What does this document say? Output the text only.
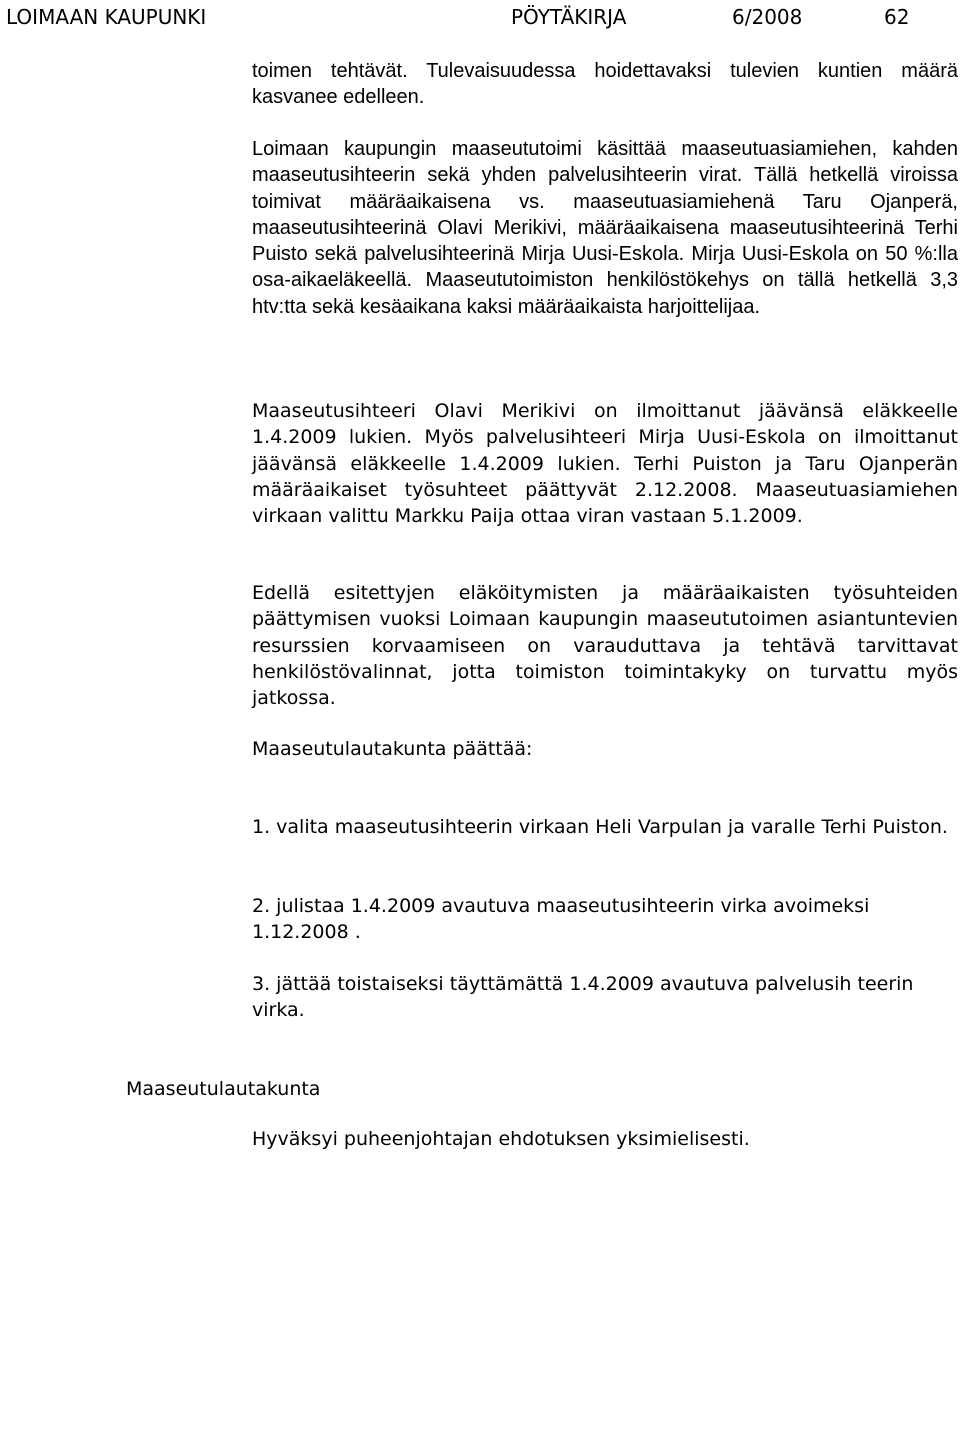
LOIMAAN KAUPUNKI	PÖYTÄKIRJA	6/2008	62

toimen tehtävät. Tulevaisuudessa hoidettavaksi tulevien kuntien määrä kasvanee edelleen.

Loimaan kaupungin maaseututoimi käsittää maaseutuasiamiehen, kahden maaseutusihteerin sekä yhden palvelusihteerin virat. Tällä hetkellä viroissa toimivat määräaikaisena vs. maaseutuasiamiehenä Taru Ojanperä, maaseutusihteerinä Olavi Merikivi, määräaikaisena maaseutusihteerinä Terhi Puisto sekä palvelusihteerinä Mirja Uusi-Eskola. Mirja Uusi-Eskola on 50 %:lla osa-aikaeläkeellä. Maaseututoimiston henkilöstökehys on tällä hetkellä 3,3 htv:tta sekä kesäaikana kaksi määräaikaista harjoittelijaa.

Maaseutusihteeri Olavi Merikivi on ilmoittanut jäävänsä eläkkeelle 1.4.2009 lukien. Myös palvelusihteeri Mirja Uusi-Eskola on ilmoittanut jäävänsä eläkkeelle 1.4.2009 lukien. Terhi Puiston ja Taru Ojanperän määräaikaiset työsuhteet päättyvät 2.12.2008. Maaseutuasiamiehen virkaan valittu Markku Paija ottaa viran vastaan 5.1.2009.

Edellä esitettyjen eläköitymisten ja määräaikaisten työsuhteiden päättymisen vuoksi Loimaan kaupungin maaseututoimen asiantuntevien resurssien korvaamiseen on varauduttava ja tehtävä tarvittavat henkilöstövalinnat, jotta toimiston toimintakyky on turvattu myös jatkossa.

Maaseutulautakunta päättää:

1. valita maaseutusihteerin virkaan Heli Varpulan ja varalle Terhi Puiston.

2. julistaa 1.4.2009 avautuva maaseutusihteerin virka avoimeksi 1.12.2008 .

3. jättää toistaiseksi täyttämättä 1.4.2009 avautuva palvelusih teerin virka.

Maaseutulautakunta

Hyväksyi puheenjohtajan ehdotuksen yksimielisesti.
